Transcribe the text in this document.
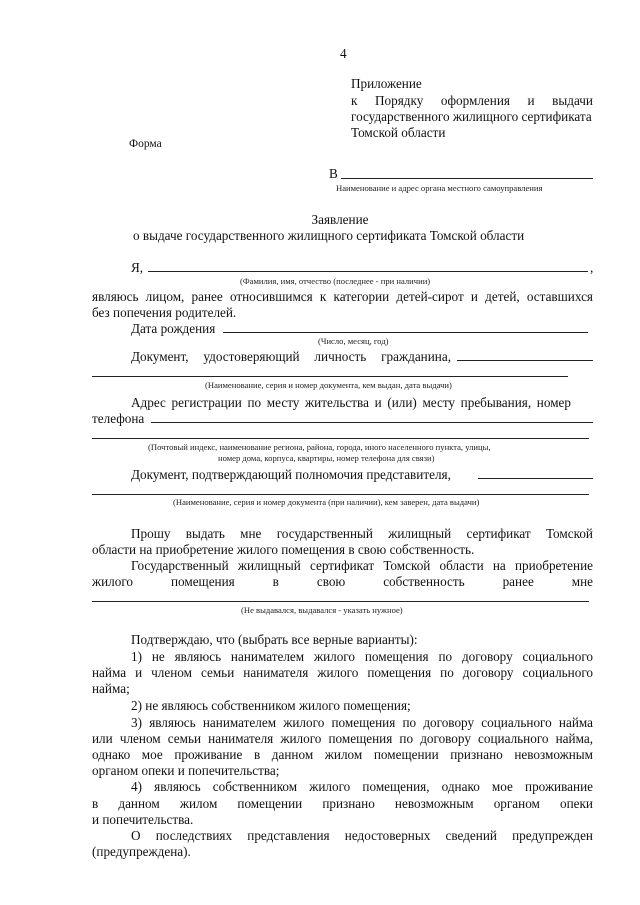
4
Приложение
к Порядку оформления и выдачи
государственного жилищного сертификата
Томской области
Форма
В
Наименование и адрес органа местного самоуправления
Заявление
о выдаче государственного жилищного сертификата Томской области
Я,	,
(Фамилия, имя, отчество (последнее - при наличии)
являюсь лицом, ранее относившимся к категории детей-сирот и детей, оставшихся
без попечения родителей.
Дата рождения
(Число, месяц, год)
Документ, удостоверяющий личность гражданина,
(Наименование, серия и номер документа, кем выдан, дата выдачи)
Адрес регистрации по месту жительства и (или) месту пребывания, номер
телефона
(Почтовый индекс, наименование региона, района, города, иного населенного пункта, улицы,
номер дома, корпуса, квартиры, номер телефона для связи)
Документ, подтверждающий полномочия представителя,
(Наименование, серия и номер документа (при наличии), кем заверен, дата выдачи)
Прошу выдать мне государственный жилищный сертификат Томской
области на приобретение жилого помещения в свою собственность.
Государственный жилищный сертификат Томской области на приобретение
жилого помещения в свою собственность ранее мне
(Не выдавался, выдавался - указать нужное)
Подтверждаю, что (выбрать все верные варианты):
1) не являюсь нанимателем жилого помещения по договору социального
найма и членом семьи нанимателя жилого помещения по договору социального
найма;
2) не являюсь собственником жилого помещения;
3) являюсь нанимателем жилого помещения по договору социального найма
или членом семьи нанимателя жилого помещения по договору социального найма,
однако мое проживание в данном жилом помещении признано невозможным
органом опеки и попечительства;
4) являюсь собственником жилого помещения, однако мое проживание
в данном жилом помещении признано невозможным органом опеки
и попечительства.
О последствиях представления недостоверных сведений предупрежден
(предупреждена).
